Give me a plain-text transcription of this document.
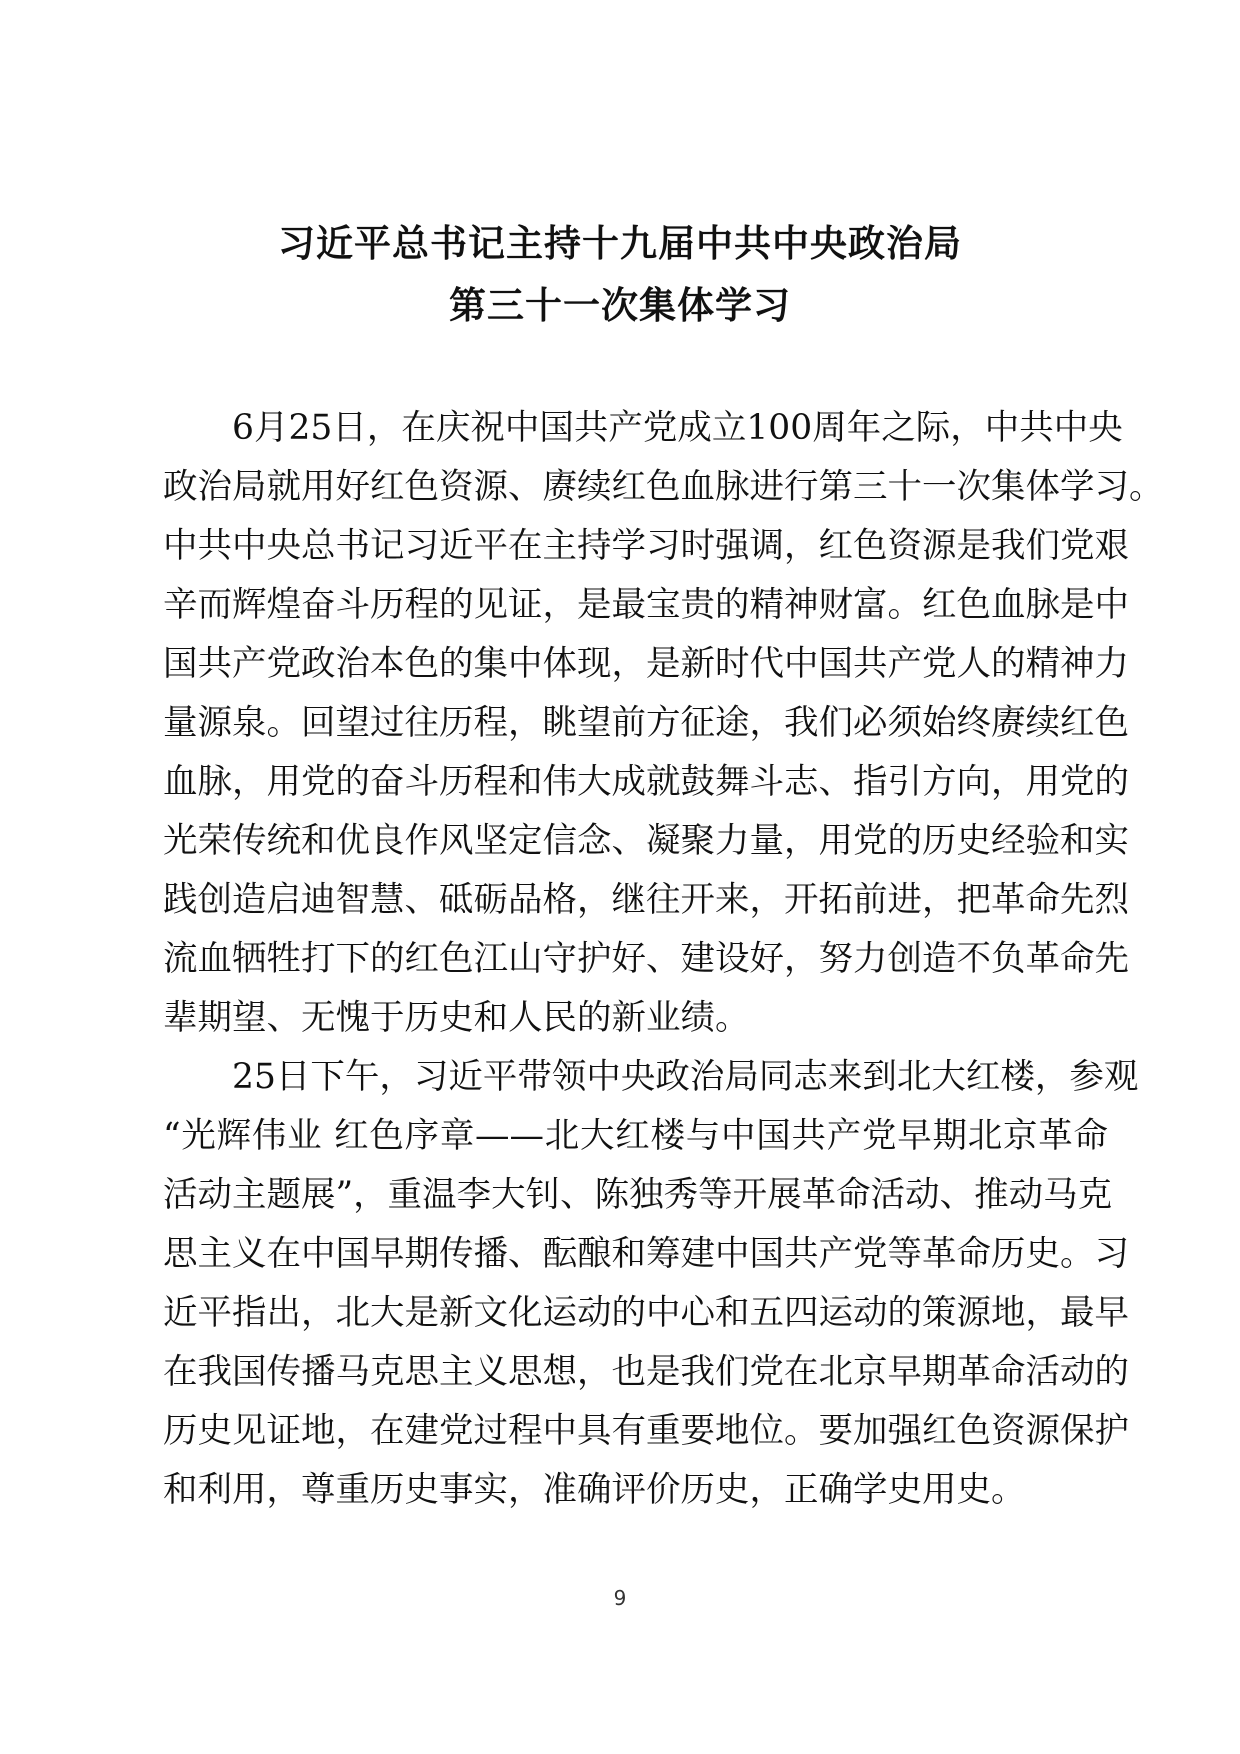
习近平总书记主持十九届中共中央政治局
第三十一次集体学习

6月25日，在庆祝中国共产党成立100周年之际，中共中央
政治局就用好红色资源、赓续红色血脉进行第三十一次集体学习。
中共中央总书记习近平在主持学习时强调，红色资源是我们党艰
辛而辉煌奋斗历程的见证，是最宝贵的精神财富。红色血脉是中
国共产党政治本色的集中体现，是新时代中国共产党人的精神力
量源泉。回望过往历程，眺望前方征途，我们必须始终赓续红色
血脉，用党的奋斗历程和伟大成就鼓舞斗志、指引方向，用党的
光荣传统和优良作风坚定信念、凝聚力量，用党的历史经验和实
践创造启迪智慧、砥砺品格，继往开来，开拓前进，把革命先烈
流血牺牲打下的红色江山守护好、建设好，努力创造不负革命先
辈期望、无愧于历史和人民的新业绩。

25日下午，习近平带领中央政治局同志来到北大红楼，参观
“光辉伟业 红色序章——北大红楼与中国共产党早期北京革命
活动主题展”，重温李大钊、陈独秀等开展革命活动、推动马克
思主义在中国早期传播、酝酿和筹建中国共产党等革命历史。习
近平指出，北大是新文化运动的中心和五四运动的策源地，最早
在我国传播马克思主义思想，也是我们党在北京早期革命活动的
历史见证地，在建党过程中具有重要地位。要加强红色资源保护
和利用，尊重历史事实，准确评价历史，正确学史用史。

9
